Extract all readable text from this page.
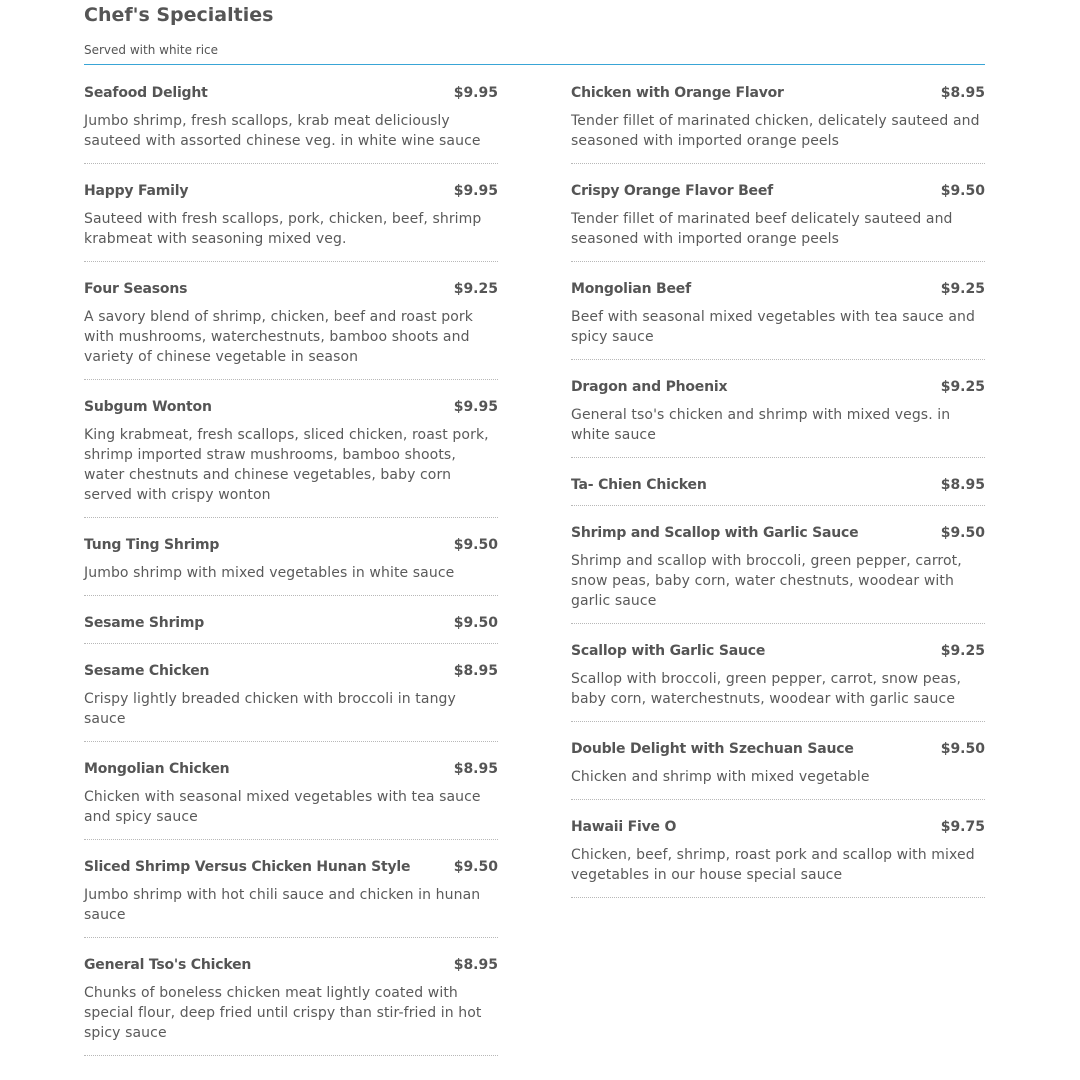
Chef's Specialties
Served with white rice
Seafood Delight	$9.95
Jumbo shrimp, fresh scallops, krab meat deliciously sauteed with assorted chinese veg. in white wine sauce
Happy Family	$9.95
Sauteed with fresh scallops, pork, chicken, beef, shrimp krabmeat with seasoning mixed veg.
Four Seasons	$9.25
A savory blend of shrimp, chicken, beef and roast pork with mushrooms, waterchestnuts, bamboo shoots and variety of chinese vegetable in season
Subgum Wonton	$9.95
King krabmeat, fresh scallops, sliced chicken, roast pork, shrimp imported straw mushrooms, bamboo shoots, water chestnuts and chinese vegetables, baby corn served with crispy wonton
Tung Ting Shrimp	$9.50
Jumbo shrimp with mixed vegetables in white sauce
Sesame Shrimp	$9.50
Sesame Chicken	$8.95
Crispy lightly breaded chicken with broccoli in tangy sauce
Mongolian Chicken	$8.95
Chicken with seasonal mixed vegetables with tea sauce and spicy sauce
Sliced Shrimp Versus Chicken Hunan Style	$9.50
Jumbo shrimp with hot chili sauce and chicken in hunan sauce
General Tso's Chicken	$8.95
Chunks of boneless chicken meat lightly coated with special flour, deep fried until crispy than stir-fried in hot spicy sauce
Chicken with Orange Flavor	$8.95
Tender fillet of marinated chicken, delicately sauteed and seasoned with imported orange peels
Crispy Orange Flavor Beef	$9.50
Tender fillet of marinated beef delicately sauteed and seasoned with imported orange peels
Mongolian Beef	$9.25
Beef with seasonal mixed vegetables with tea sauce and spicy sauce
Dragon and Phoenix	$9.25
General tso's chicken and shrimp with mixed vegs. in white sauce
Ta- Chien Chicken	$8.95
Shrimp and Scallop with Garlic Sauce	$9.50
Shrimp and scallop with broccoli, green pepper, carrot, snow peas, baby corn, water chestnuts, woodear with garlic sauce
Scallop with Garlic Sauce	$9.25
Scallop with broccoli, green pepper, carrot, snow peas, baby corn, waterchestnuts, woodear with garlic sauce
Double Delight with Szechuan Sauce	$9.50
Chicken and shrimp with mixed vegetable
Hawaii Five O	$9.75
Chicken, beef, shrimp, roast pork and scallop with mixed vegetables in our house special sauce
